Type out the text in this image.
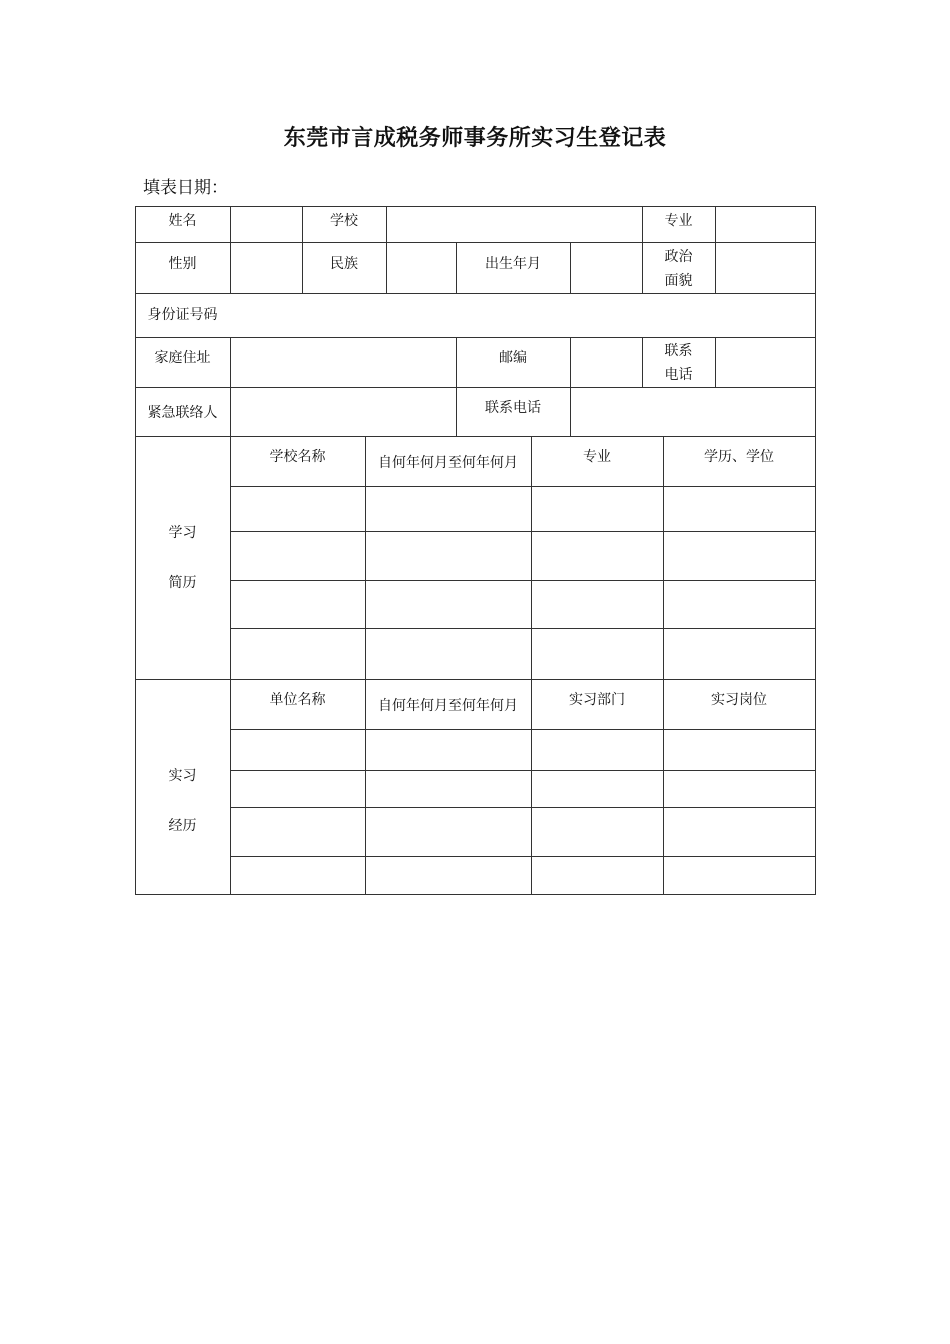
东莞市言成税务师事务所实习生登记表
填表日期：
姓名	学校	专业
性别	民族	出生年月	政治
面貌
身份证号码
家庭住址	邮编	联系
电话
紧急联络人	联系电话
学习
简历
学校名称	自何年何月至何年何月	专业	学历、学位
实习
经历
单位名称	自何年何月至何年何月	实习部门	实习岗位
